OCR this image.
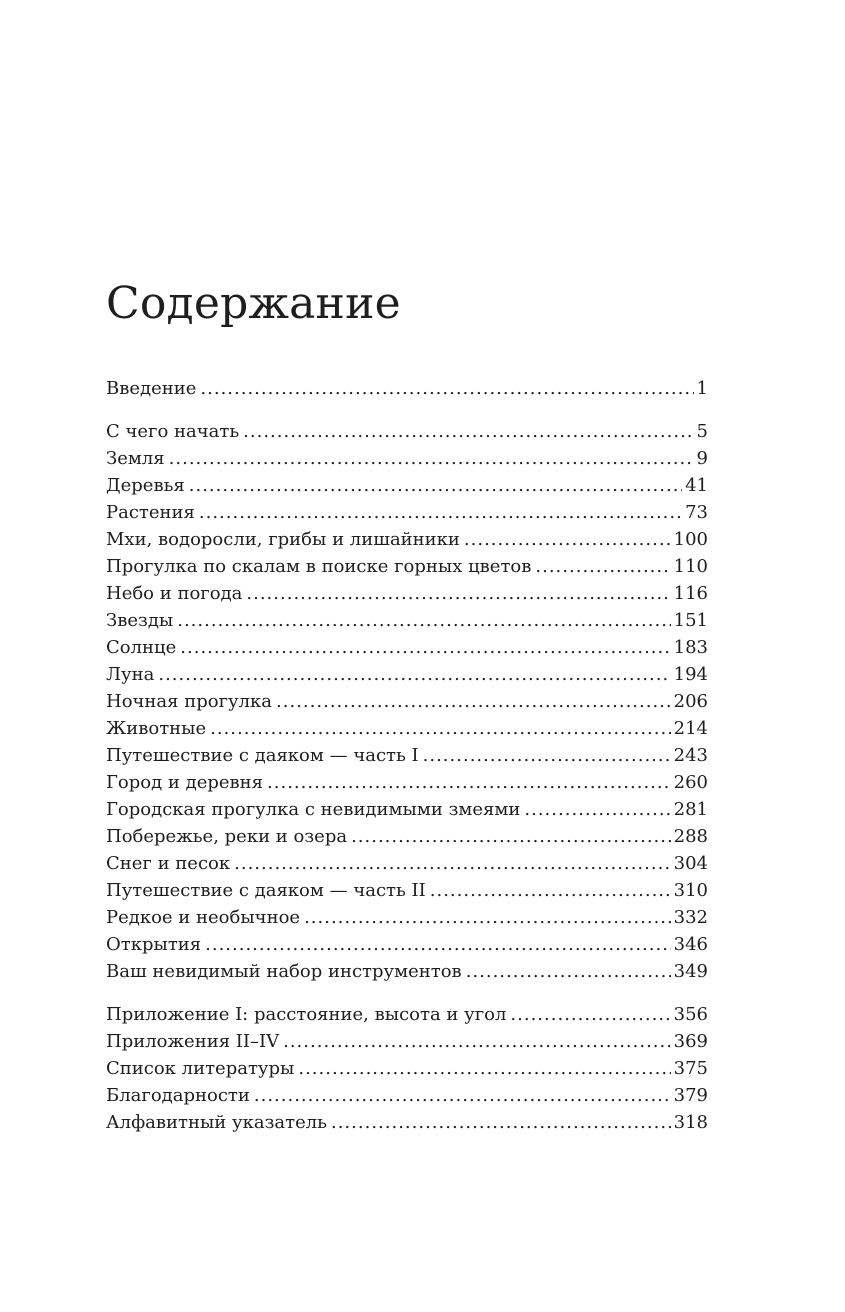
Содержание
Введение .....	1
С чего начать .....	5
Земля .....	9
Деревья .....	41
Растения .....	73
Мхи, водоросли, грибы и лишайники .....	100
Прогулка по скалам в поиске горных цветов .....	110
Небо и погода .....	116
Звезды .....	151
Солнце .....	183
Луна .....	194
Ночная прогулка .....	206
Животные .....	214
Путешествие с даяком — часть I .....	243
Город и деревня .....	260
Городская прогулка с невидимыми змеями .....	281
Побережье, реки и озера .....	288
Снег и песок .....	304
Путешествие с даяком — часть II .....	310
Редкое и необычное .....	332
Открытия .....	346
Ваш невидимый набор инструментов .....	349
Приложение I: расстояние, высота и угол .....	356
Приложения II–IV .....	369
Список литературы .....	375
Благодарности .....	379
Алфавитный указатель .....	318
